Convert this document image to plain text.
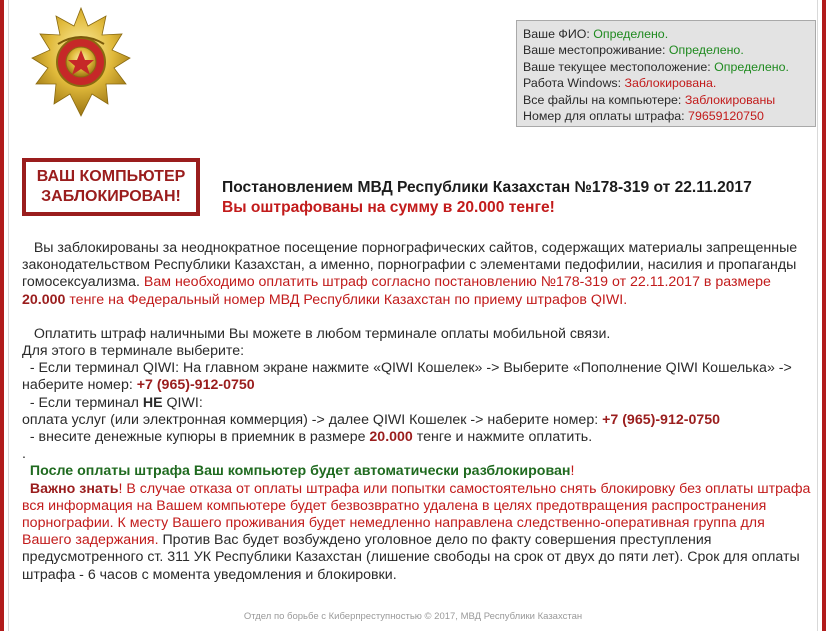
Ваше ФИО: Определено.
Ваше местопроживание: Определено.
Ваше текущее местоположение: Определено.
Работа Windows: Заблокирована.
Все файлы на компьютере: Заблокированы
Номер для оплаты штрафа: 79659120750
ВАШ КОМПЬЮТЕР
ЗАБЛОКИРОВАН!
Постановлением МВД Республики Казахстан №178-319 от 22.11.2017
Вы оштрафованы на сумму в 20.000 тенге!

Вы заблокированы за неоднократное посещение порнографических сайтов, содержащих материалы запрещенные законодательством Республики Казахстан, а именно, порнографии с элементами педофилии, насилия и пропаганды гомосексуализма. Вам необходимо оплатить штраф согласно постановлению №178-319 от 22.11.2017 в размере 20.000 тенге на Федеральный номер МВД Республики Казахстан по приему штрафов QIWI.

Оплатить штраф наличными Вы можете в любом терминале оплаты мобильной связи.

Для этого в терминале выберите:

- Если терминал QIWI: На главном экране нажмите «QIWI Кошелек» -> Выберите «Пополнение QIWI Кошелька» -> наберите номер: +7 (965)-912-0750

- Если терминал НЕ QIWI:

оплата услуг (или электронная коммерция) -> далее QIWI Кошелек -> наберите номер: +7 (965)-912-0750

- внесите денежные купюры в приемник в размере 20.000 тенге и нажмите оплатить.

.

После оплаты штрафа Ваш компьютер будет автоматически разблокирован!

Важно знать! В случае отказа от оплаты штрафа или попытки самостоятельно снять блокировку без оплаты штрафа вся информация на Вашем компьютере будет безвозвратно удалена в целях предотвращения распространения порнографии. К месту Вашего проживания будет немедленно направлена следственно-оперативная группа для Вашего задержания. Против Вас будет возбуждено уголовное дело по факту совершения преступления предусмотренного ст. 311 УК Республики Казахстан (лишение свободы на срок от двух до пяти лет). Срок для оплаты штрафа - 6 часов с момента уведомления и блокировки.

Отдел по борьбе с Киберпреступностью © 2017, МВД Республики Казахстан
